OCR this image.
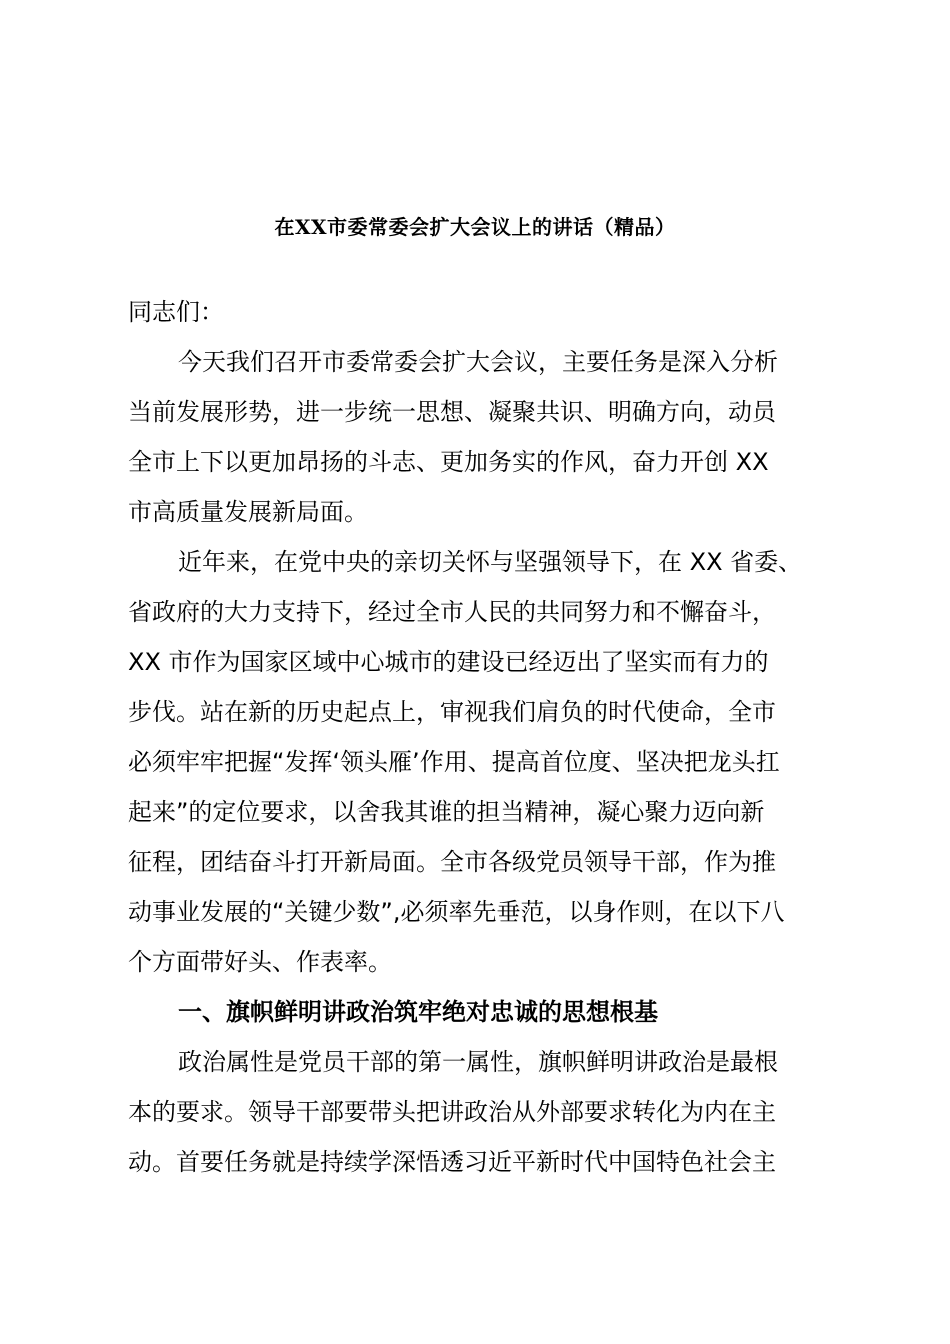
在XX市委常委会扩大会议上的讲话（精品）

同志们：

今天我们召开市委常委会扩大会议，主要任务是深入分析

当前发展形势，进一步统一思想、凝聚共识、明确方向，动员

全市上下以更加昂扬的斗志、更加务实的作风，奋力开创 XX

市高质量发展新局面。

近年来，在党中央的亲切关怀与坚强领导下，在 XX 省委、

省政府的大力支持下，经过全市人民的共同努力和不懈奋斗，

XX 市作为国家区域中心城市的建设已经迈出了坚实而有力的

步伐。站在新的历史起点上，审视我们肩负的时代使命，全市

必须牢牢把握“发挥‘领头雁’作用、提高首位度、坚决把龙头扛

起来”的定位要求，以舍我其谁的担当精神，凝心聚力迈向新

征程，团结奋斗打开新局面。全市各级党员领导干部，作为推

动事业发展的“关键少数”,必须率先垂范，以身作则，在以下八

个方面带好头、作表率。

一、旗帜鲜明讲政治筑牢绝对忠诚的思想根基

政治属性是党员干部的第一属性，旗帜鲜明讲政治是最根

本的要求。领导干部要带头把讲政治从外部要求转化为内在主

动。首要任务就是持续学深悟透习近平新时代中国特色社会主
